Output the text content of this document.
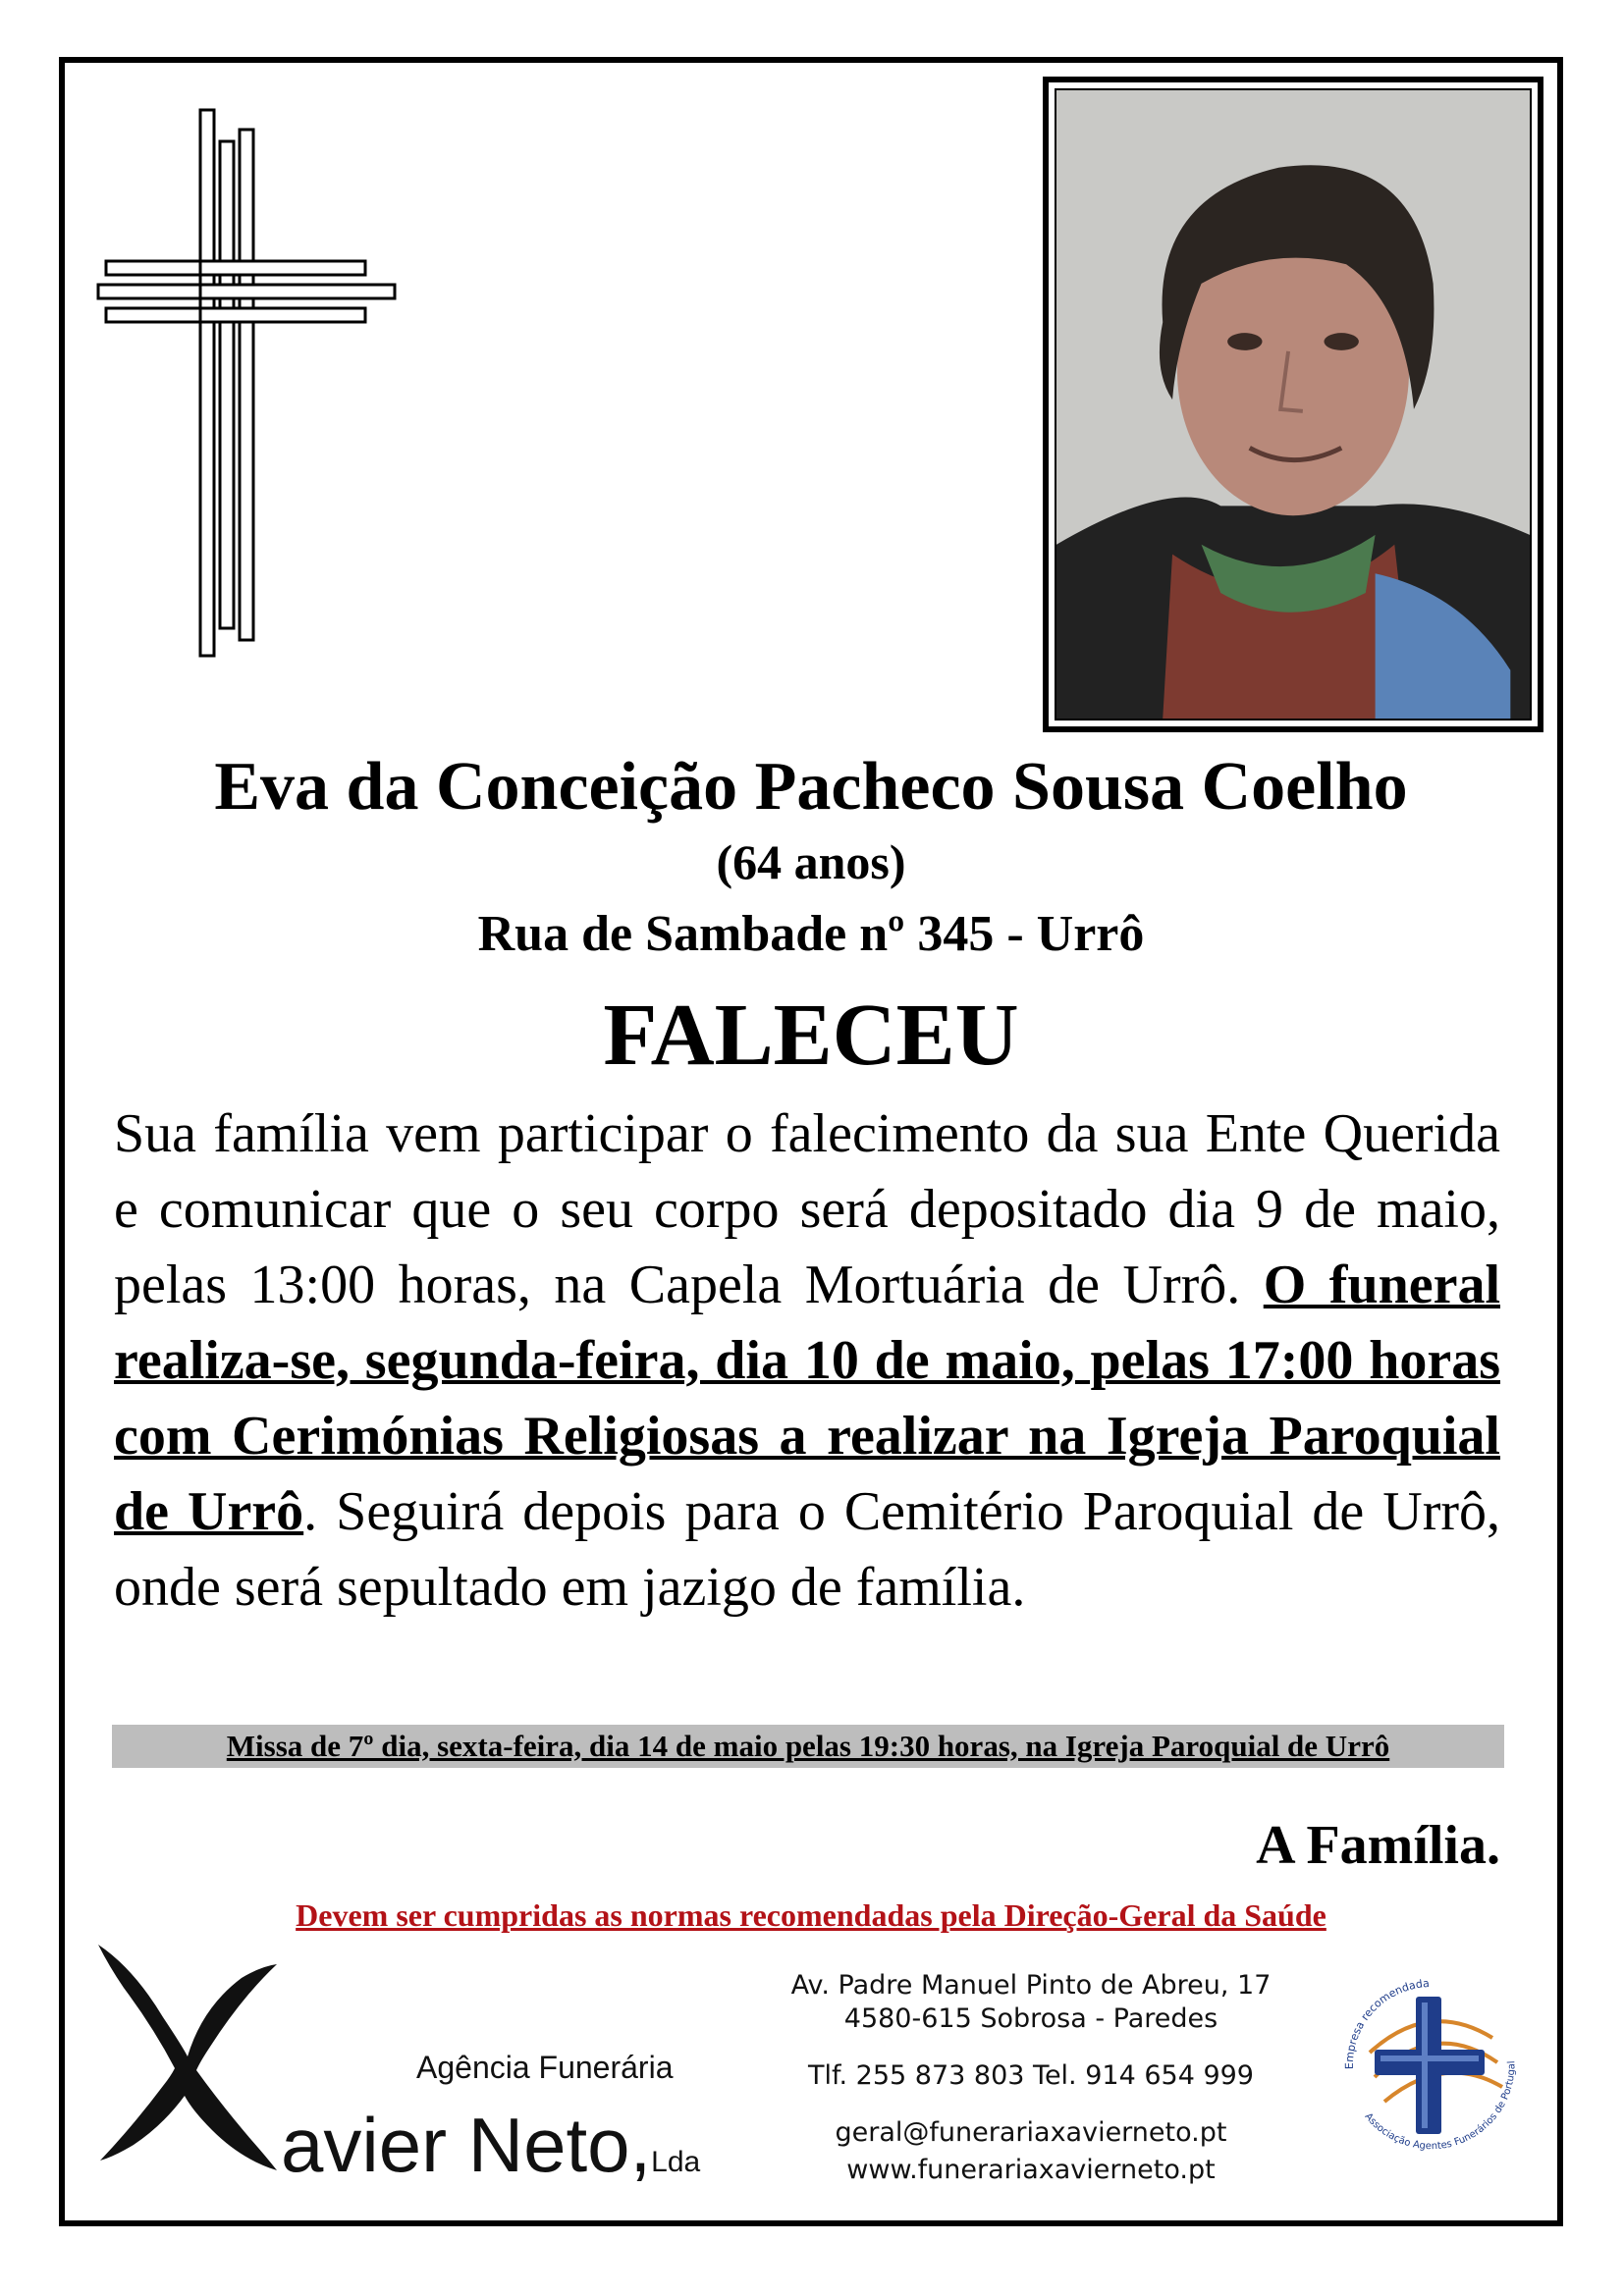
Eva da Conceição Pacheco Sousa Coelho
(64 anos)
Rua de Sambade nº 345 - Urrô
FALECEU
Sua família vem participar o falecimento da sua Ente Querida e comunicar que o seu corpo será depositado dia 9 de maio, pelas 13:00 horas, na Capela Mortuária de Urrô. O funeral realiza-se, segunda-feira, dia 10 de maio, pelas 17:00 horas com Cerimónias Religiosas a realizar na Igreja Paroquial de Urrô. Seguirá depois para o Cemitério Paroquial de Urrô, onde será sepultado em jazigo de família.
Missa de 7º dia, sexta-feira, dia 14 de maio pelas 19:30 horas, na Igreja Paroquial de Urrô
A Família.
Devem ser cumpridas as normas recomendadas pela Direção-Geral da Saúde
Agência Funerária
avier Neto,Lda
Av. Padre Manuel Pinto de Abreu, 17
4580-615 Sobrosa - Paredes
Tlf. 255 873 803 Tel. 914 654 999
geral@funerariaxavierneto.pt
www.funerariaxavierneto.pt
Empresa recomendada
Associação Agentes Funerários de Portugal
